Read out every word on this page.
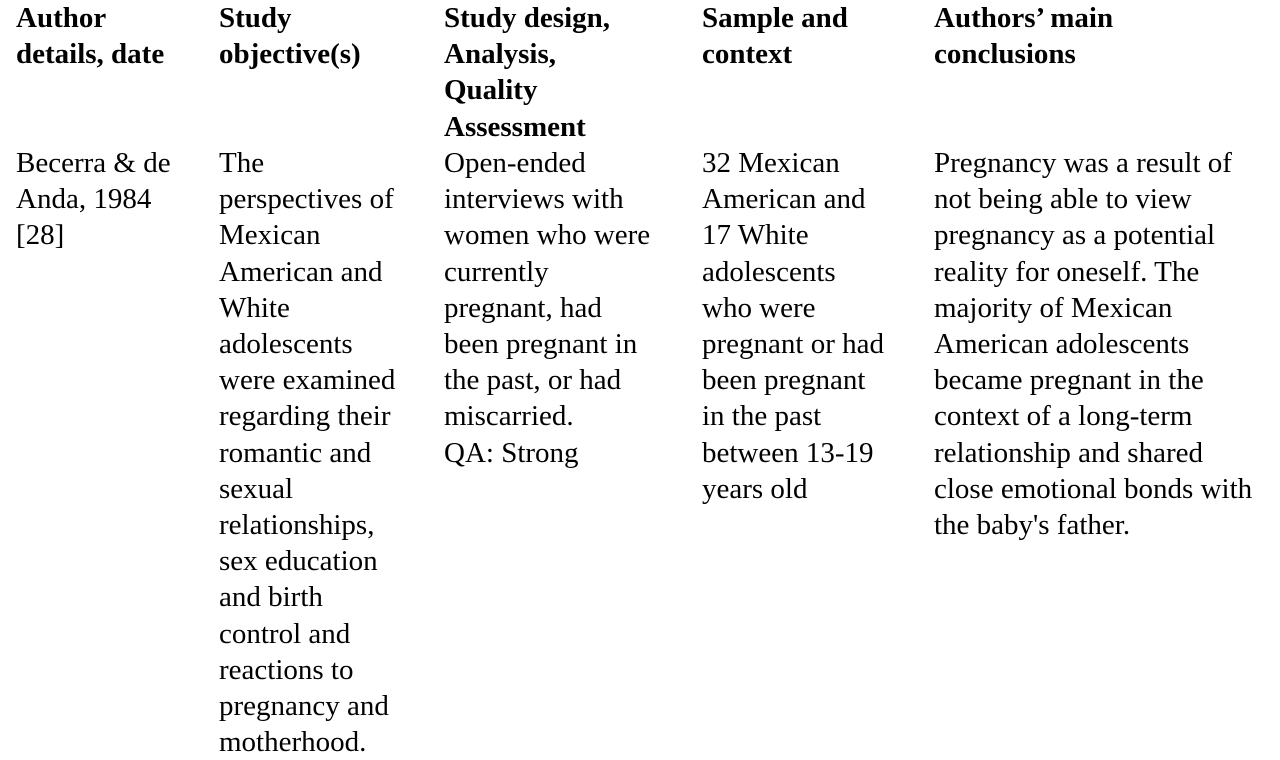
Author
details, date
Becerra & de
Anda, 1984
[28]
Study
objective(s)
The
perspectives of
Mexican
American and
White
adolescents
were examined
regarding their
romantic and
sexual
relationships,
sex education
and birth
control and
reactions to
pregnancy and
motherhood.
Study design,
Analysis,
Quality
Assessment
Open-ended
interviews with
women who were
currently
pregnant, had
been pregnant in
the past, or had
miscarried.
QA: Strong
Sample and
context
32 Mexican
American and
17 White
adolescents
who were
pregnant or had
been pregnant
in the past
between 13-19
years old
Authors’ main
conclusions
Pregnancy was a result of
not being able to view
pregnancy as a potential
reality for oneself. The
majority of Mexican
American adolescents
became pregnant in the
context of a long-term
relationship and shared
close emotional bonds with
the baby's father.
